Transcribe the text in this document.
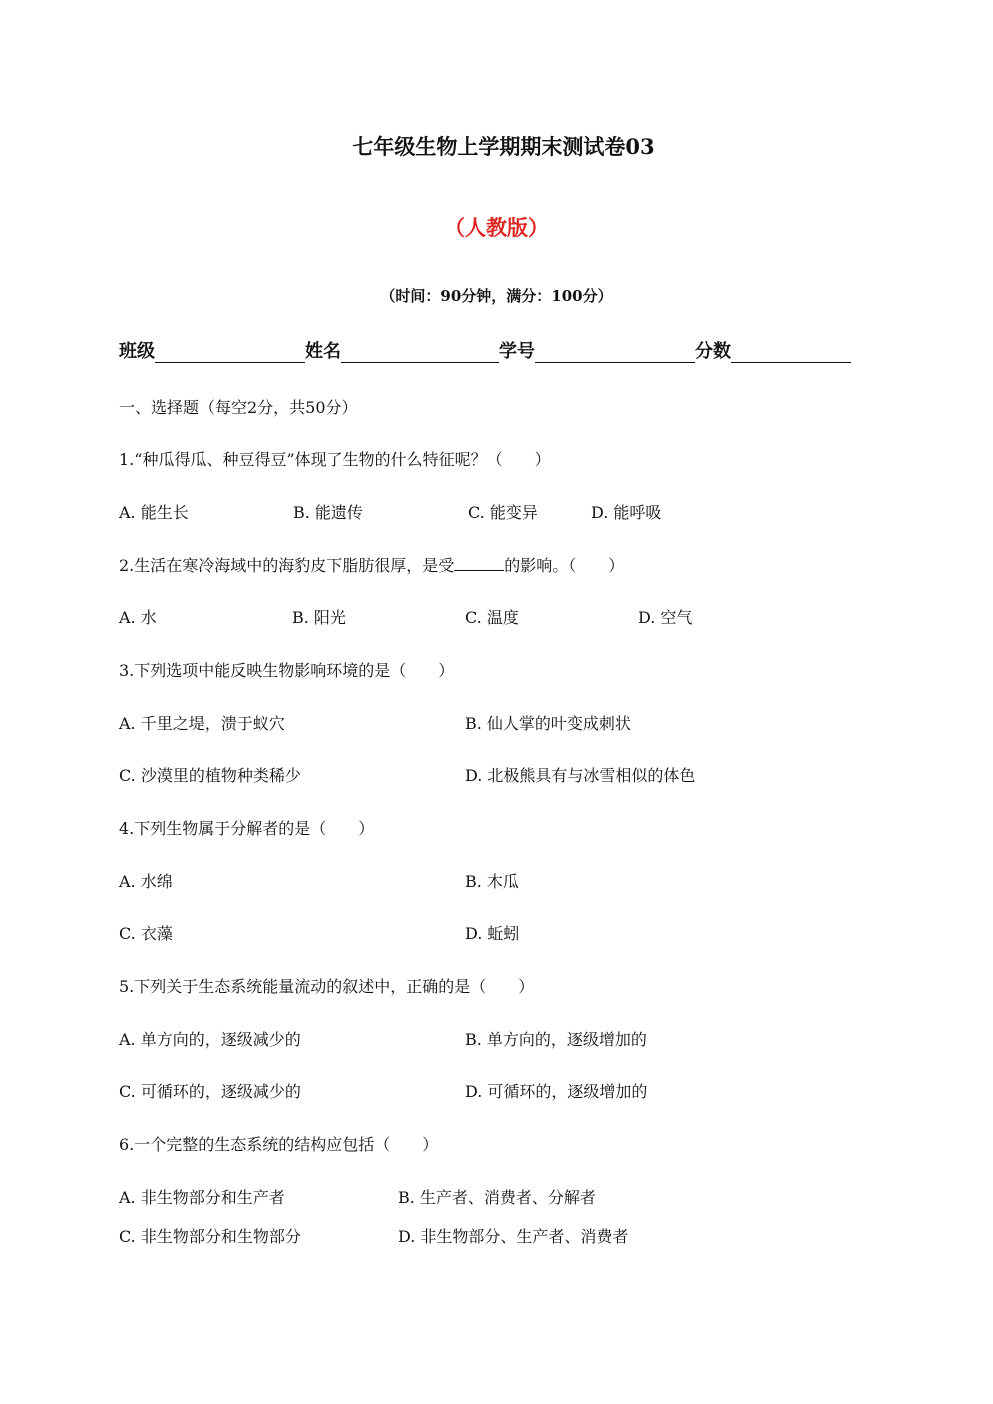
七年级生物上学期期末测试卷03
（人教版）
（时间：90分钟，满分：100分）
班级	姓名	学号	分数
一、选择题（每空2分，共50分）
1.“种瓜得瓜、种豆得豆”体现了生物的什么特征呢？（　　）
A. 能生长	B. 能遗传	C. 能变异	D. 能呼吸
2.生活在寒冷海域中的海豹皮下脂肪很厚，是受	的影响。（　　）
A. 水	B. 阳光	C. 温度	D. 空气
3.下列选项中能反映生物影响环境的是（　　）
A. 千里之堤，溃于蚁穴	B. 仙人掌的叶变成刺状
C. 沙漠里的植物种类稀少	D. 北极熊具有与冰雪相似的体色
4.下列生物属于分解者的是（　　）
A. 水绵	B. 木瓜
C. 衣藻	D. 蚯蚓
5.下列关于生态系统能量流动的叙述中，正确的是（　　）
A. 单方向的，逐级减少的	B. 单方向的，逐级增加的
C. 可循环的，逐级减少的	D. 可循环的，逐级增加的
6.一个完整的生态系统的结构应包括（　　）
A. 非生物部分和生产者	B. 生产者、消费者、分解者
C. 非生物部分和生物部分	D. 非生物部分、生产者、消费者
